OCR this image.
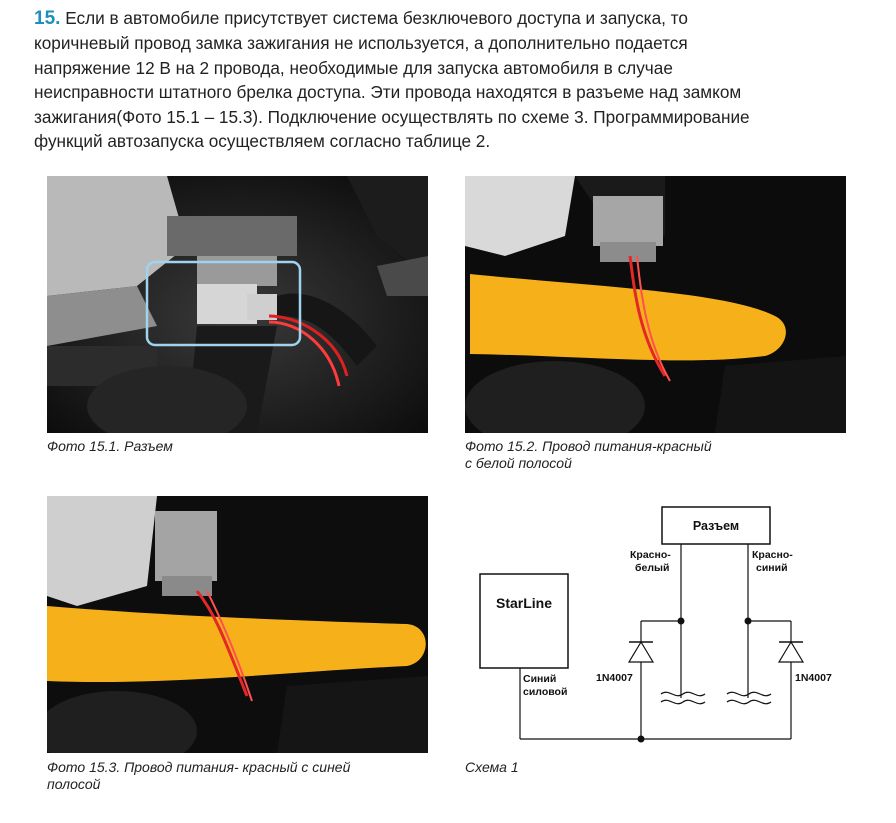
15. Если в автомобиле присутствует система безключевого доступа и запуска, то
коричневый провод замка зажигания не используется, а дополнительно подается
напряжение 12 В на 2 провода, необходимые для запуска автомобиля в случае
неисправности штатного брелка доступа. Эти провода находятся в разъеме над замком
зажигания(Фото 15.1 – 15.3). Подключение осуществлять по схеме 3. Программирование
функций автозапуска осуществляем согласно таблице 2.
Фото 15.1. Разъем	Фото 15.2. Провод питания-красный
с белой полосой
Фото 15.3. Провод питания- красный с синей
полосой
Разъем
StarLine
Красно-
белый
Красно-
синий
1N4007	1N4007
Синий
силовой
Схема 1
